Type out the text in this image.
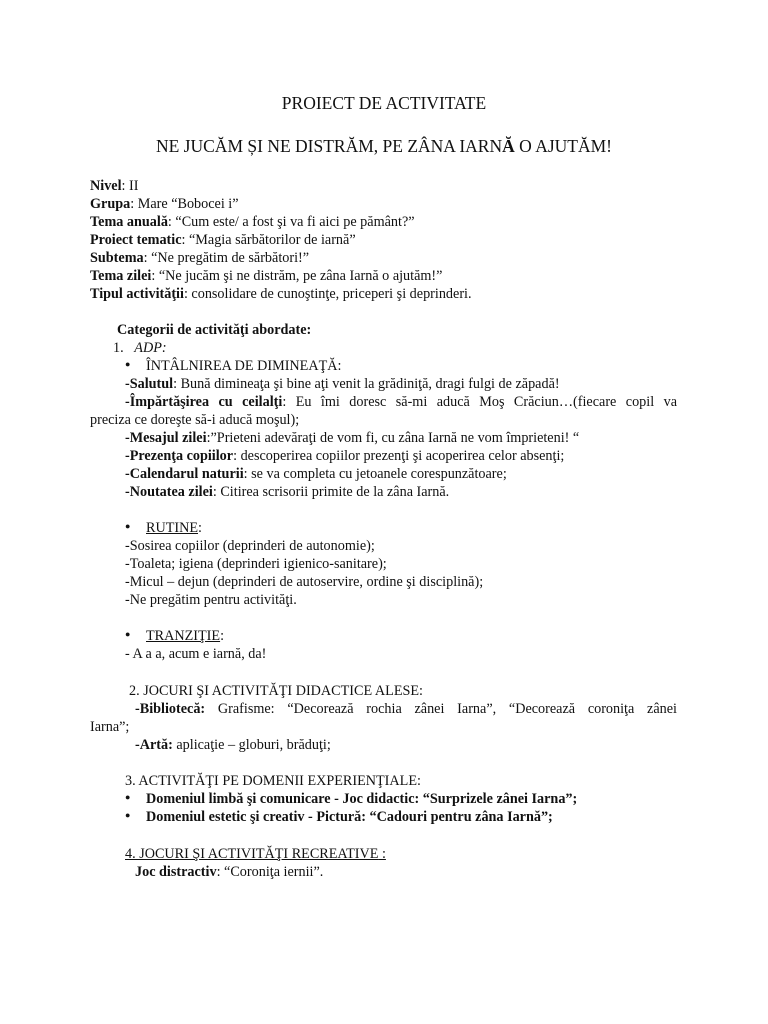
PROIECT DE ACTIVITATE
NE JUCĂM ȘI NE DISTRĂM, PE ZÂNA IARNĂ O AJUTĂM!
Nivel: II
Grupa: Mare “Bobocei i”
Tema anuală: “Cum este/ a fost şi va fi aici pe pământ?”
Proiect tematic: “Magia sărbătorilor de iarnă”
Subtema: “Ne pregătim de sărbători!”
Tema zilei: “Ne jucăm şi ne distrăm, pe zâna Iarnă o ajutăm!”
Tipul activităţii: consolidare de cunoştinţe, priceperi şi deprinderi.
Categorii de activităţi abordate:
1. ADP:
● ÎNTÂLNIREA DE DIMINEAŢĂ:
-Salutul: Bună dimineaţa şi bine aţi venit la grădiniţă, dragi fulgi de zăpadă!
-Împărtăşirea cu ceilalţi: Eu îmi doresc să-mi aducă Moş Crăciun…(fiecare copil va
preciza ce doreşte să-i aducă moşul);
-Mesajul zilei:”Prieteni adevăraţi de vom fi, cu zâna Iarnă ne vom împrieteni! “
-Prezenţa copiilor: descoperirea copiilor prezenţi şi acoperirea celor absenţi;
-Calendarul naturii: se va completa cu jetoanele corespunzătoare;
-Noutatea zilei: Citirea scrisorii primite de la zâna Iarnă.
● RUTINE:
-Sosirea copiilor (deprinderi de autonomie);
-Toaleta; igiena (deprinderi igienico-sanitare);
-Micul – dejun (deprinderi de autoservire, ordine şi disciplină);
-Ne pregătim pentru activităţi.
● TRANZIŢIE:
- A a a, acum e iarnă, da!
2. JOCURI ŞI ACTIVITĂŢI DIDACTICE ALESE:
-Bibliotecă: Grafisme: “Decorează rochia zânei Iarna”, “Decorează coroniţa zânei
Iarna”;
-Artă: aplicaţie – globuri, brăduţi;
3. ACTIVITĂŢI PE DOMENII EXPERIENŢIALE:
● Domeniul limbă şi comunicare - Joc didactic: “Surprizele zânei Iarna”;
● Domeniul estetic şi creativ - Pictură: “Cadouri pentru zâna Iarnă”;
4. JOCURI ŞI ACTIVITĂŢI RECREATIVE :
Joc distractiv: “Coroniţa iernii”.
